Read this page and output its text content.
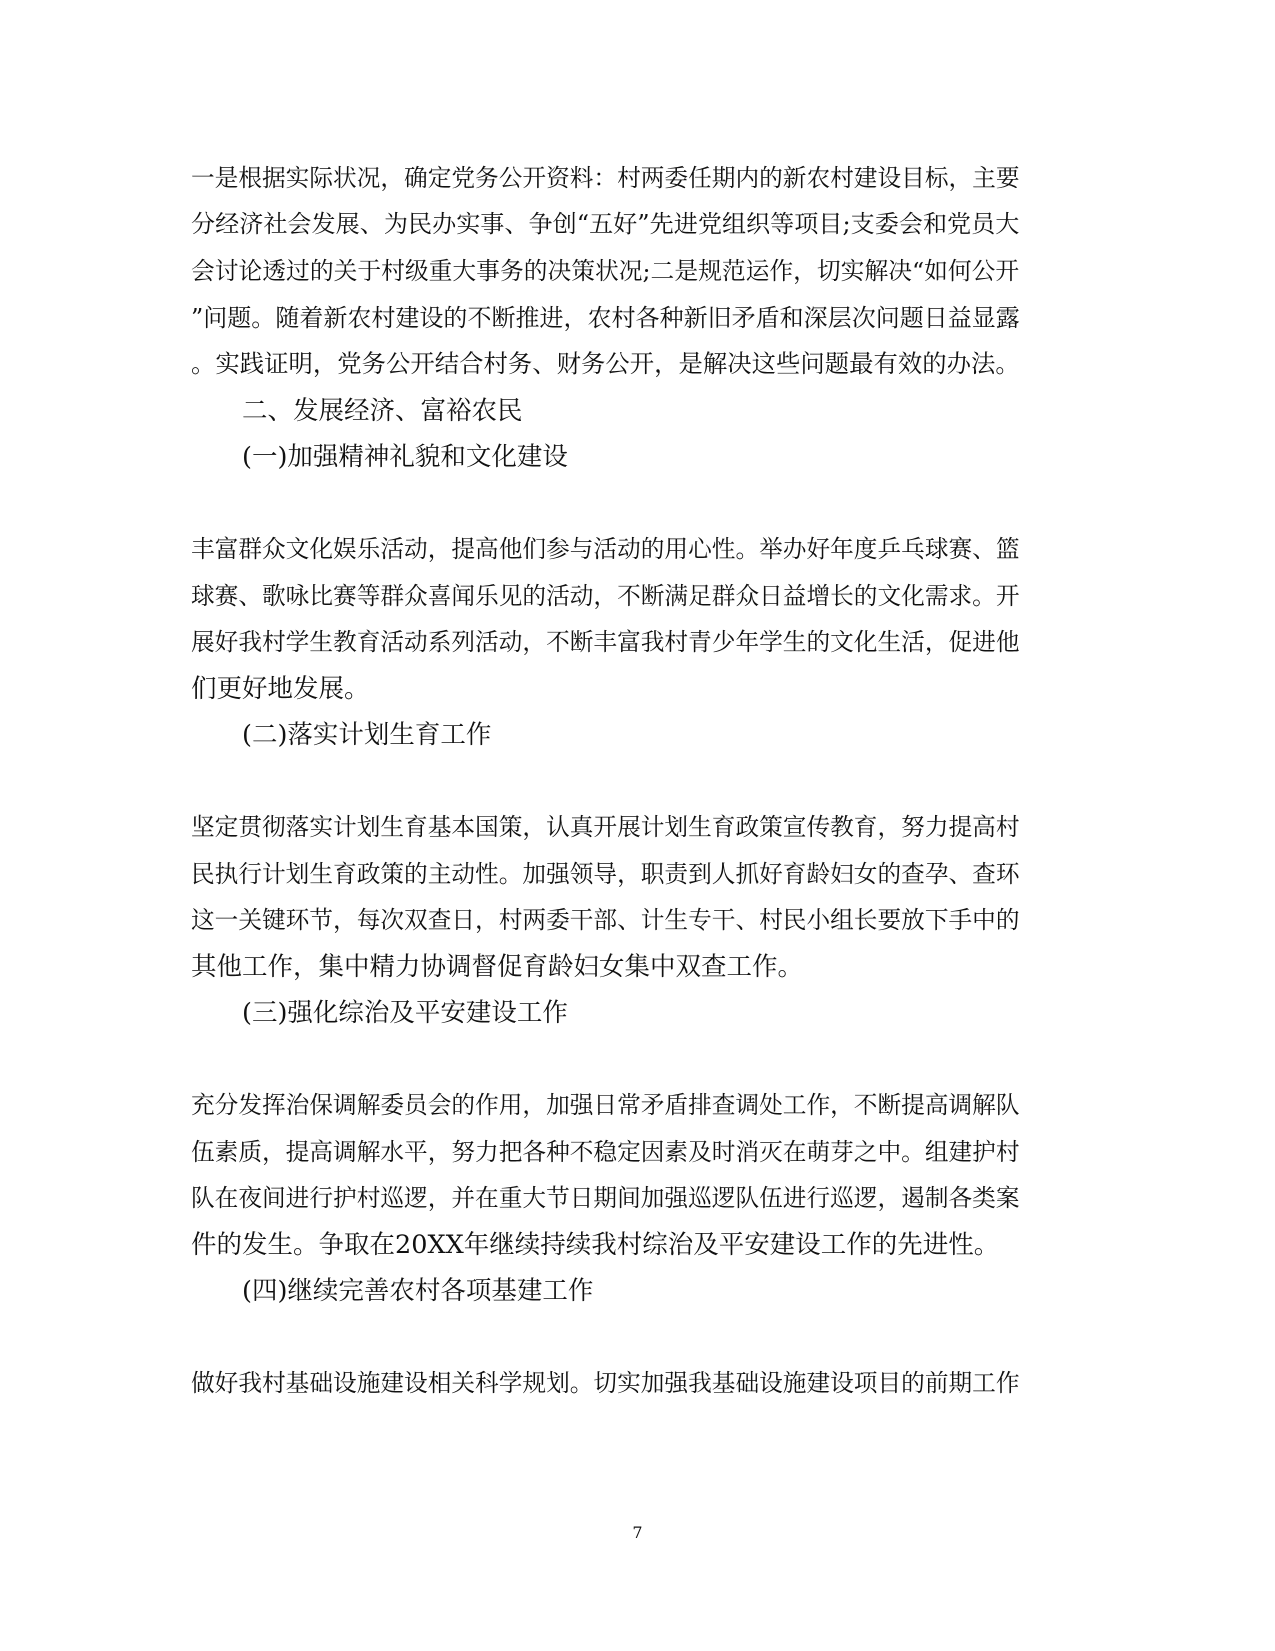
一是根据实际状况，确定党务公开资料：村两委任期内的新农村建设目标，主要
分经济社会发展、为民办实事、争创“五好”先进党组织等项目;支委会和党员大
会讨论透过的关于村级重大事务的决策状况;二是规范运作，切实解决“如何公开
”问题。随着新农村建设的不断推进，农村各种新旧矛盾和深层次问题日益显露
。实践证明，党务公开结合村务、财务公开，是解决这些问题最有效的办法。
二、发展经济、富裕农民
(一)加强精神礼貌和文化建设
丰富群众文化娱乐活动，提高他们参与活动的用心性。举办好年度乒乓球赛、篮
球赛、歌咏比赛等群众喜闻乐见的活动，不断满足群众日益增长的文化需求。开
展好我村学生教育活动系列活动，不断丰富我村青少年学生的文化生活，促进他
们更好地发展。
(二)落实计划生育工作
坚定贯彻落实计划生育基本国策，认真开展计划生育政策宣传教育，努力提高村
民执行计划生育政策的主动性。加强领导，职责到人抓好育龄妇女的查孕、查环
这一关键环节，每次双查日，村两委干部、计生专干、村民小组长要放下手中的
其他工作，集中精力协调督促育龄妇女集中双查工作。
(三)强化综治及平安建设工作
充分发挥治保调解委员会的作用，加强日常矛盾排查调处工作，不断提高调解队
伍素质，提高调解水平，努力把各种不稳定因素及时消灭在萌芽之中。组建护村
队在夜间进行护村巡逻，并在重大节日期间加强巡逻队伍进行巡逻，遏制各类案
件的发生。争取在20XX年继续持续我村综治及平安建设工作的先进性。
(四)继续完善农村各项基建工作
做好我村基础设施建设相关科学规划。切实加强我基础设施建设项目的前期工作
7
